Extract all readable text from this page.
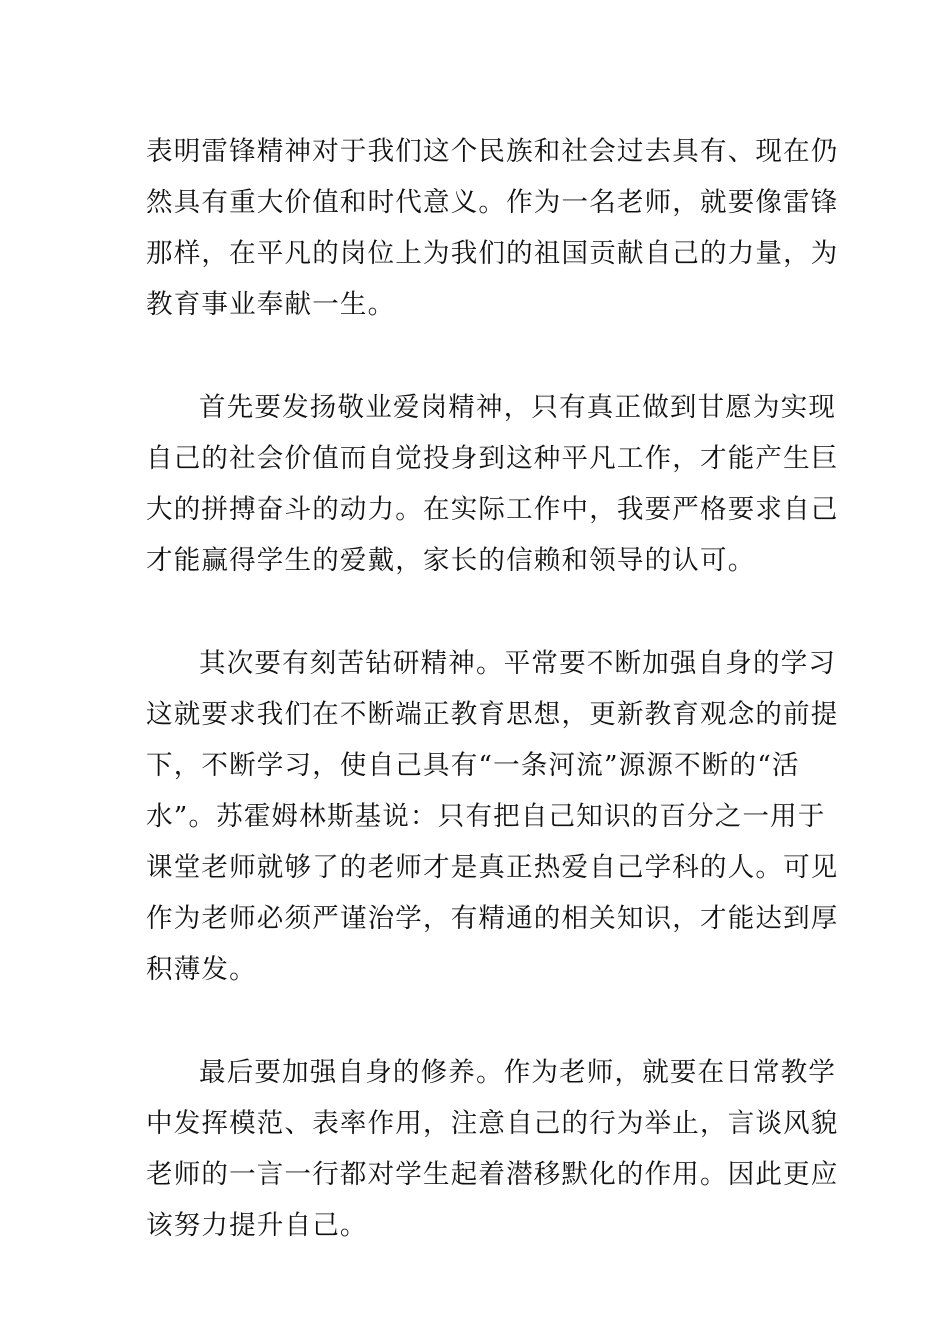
表明雷锋精神对于我们这个民族和社会过去具有、现在仍
然具有重大价值和时代意义。作为一名老师，就要像雷锋
那样，在平凡的岗位上为我们的祖国贡献自己的力量，为
教育事业奉献一生。
首先要发扬敬业爱岗精神，只有真正做到甘愿为实现
自己的社会价值而自觉投身到这种平凡工作，才能产生巨
大的拼搏奋斗的动力。在实际工作中，我要严格要求自己
才能赢得学生的爱戴，家长的信赖和领导的认可。
其次要有刻苦钻研精神。平常要不断加强自身的学习
这就要求我们在不断端正教育思想，更新教育观念的前提
下，不断学习，使自己具有“一条河流”源源不断的“活
水”。苏霍姆林斯基说：只有把自己知识的百分之一用于
课堂老师就够了的老师才是真正热爱自己学科的人。可见
作为老师必须严谨治学，有精通的相关知识，才能达到厚
积薄发。
最后要加强自身的修养。作为老师，就要在日常教学
中发挥模范、表率作用，注意自己的行为举止，言谈风貌
老师的一言一行都对学生起着潜移默化的作用。因此更应
该努力提升自己。
